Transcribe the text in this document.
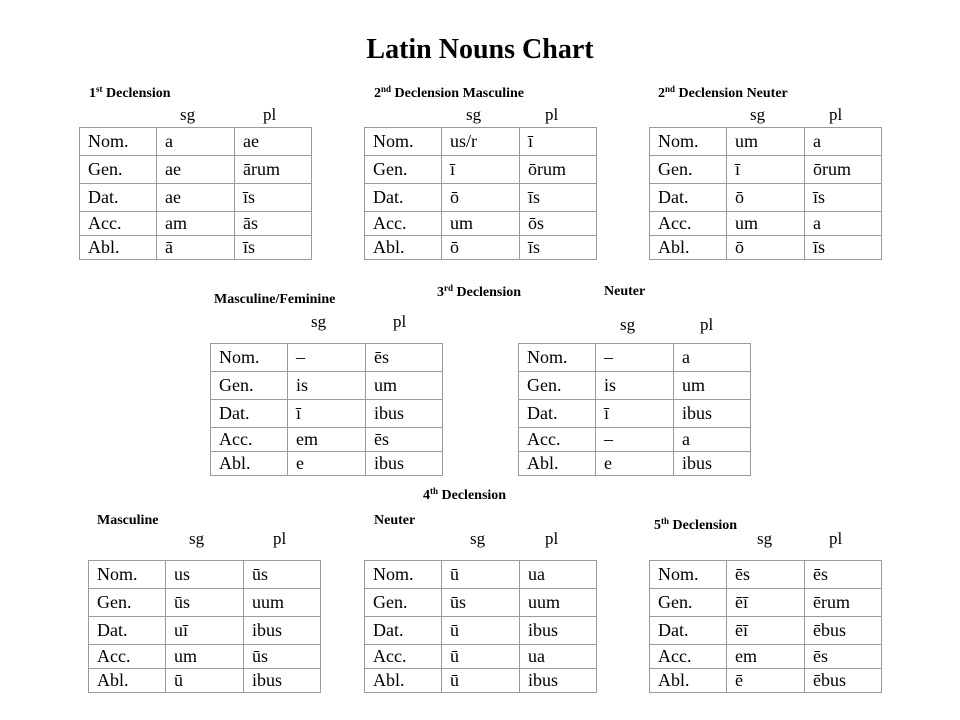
Latin Nouns Chart
1st Declension	2nd Declension Masculine	2nd Declension Neuter
sg	pl	sg	pl	sg	pl
Nom.	a	ae
Gen.	ae	ārum
Dat.	ae	īs
Acc.	am	ās
Abl.	ā	īs
Nom.	us/r	ī
Gen.	ī	ōrum
Dat.	ō	īs
Acc.	um	ōs
Abl.	ō	īs
Nom.	um	a
Gen.	ī	ōrum
Dat.	ō	īs
Acc.	um	a
Abl.	ō	īs
3rd Declension
Masculine/Feminine
Neuter
sg	pl	sg	pl
Nom.	–	ēs
Gen.	is	um
Dat.	ī	ibus
Acc.	em	ēs
Abl.	e	ibus
Nom.	–	a
Gen.	is	um
Dat.	ī	ibus
Acc.	–	a
Abl.	e	ibus
4th Declension
Masculine	Neuter	5th Declension
sg	pl	sg	pl	sg	pl
Nom.	us	ūs
Gen.	ūs	uum
Dat.	uī	ibus
Acc.	um	ūs
Abl.	ū	ibus
Nom.	ū	ua
Gen.	ūs	uum
Dat.	ū	ibus
Acc.	ū	ua
Abl.	ū	ibus
Nom.	ēs	ēs
Gen.	ēī	ērum
Dat.	ēī	ēbus
Acc.	em	ēs
Abl.	ē	ēbus
